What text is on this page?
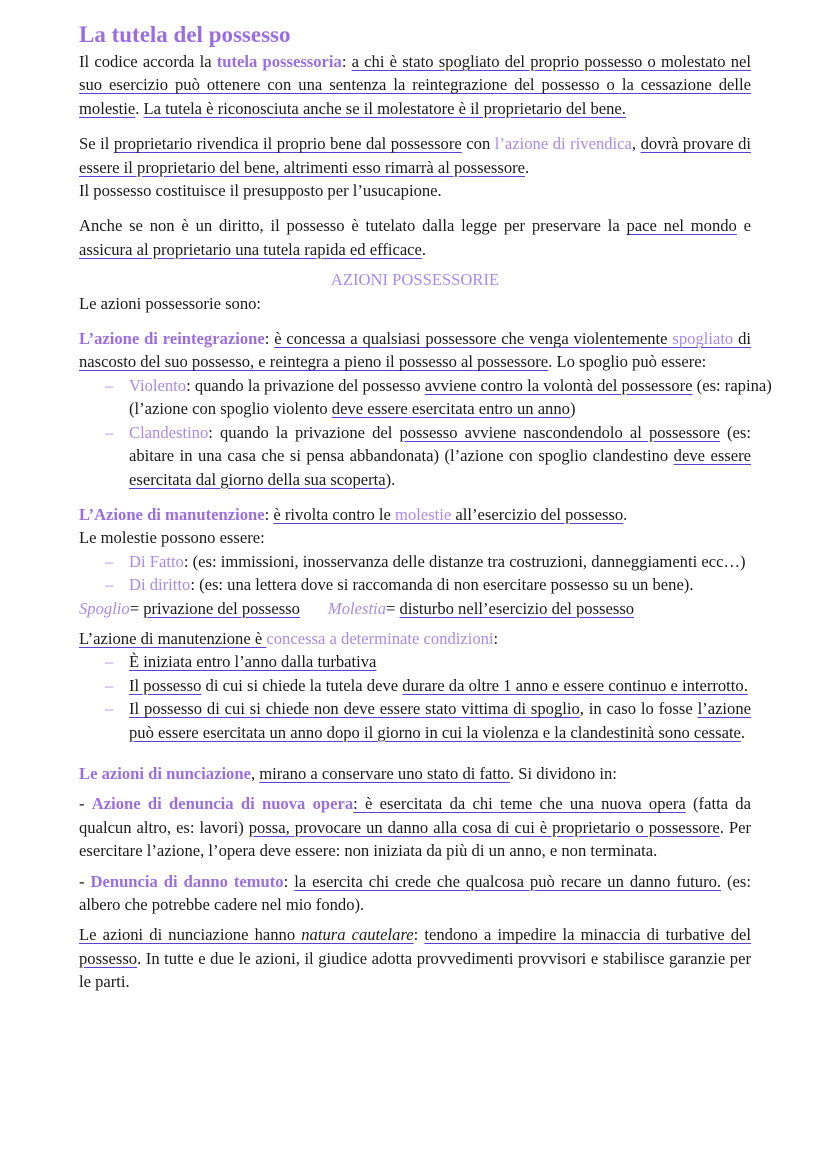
La tutela del possesso

Il codice accorda la tutela possessoria: a chi è stato spogliato del proprio possesso o molestato nel suo esercizio può ottenere con una sentenza la reintegrazione del possesso o la cessazione delle molestie. La tutela è riconosciuta anche se il molestatore è il proprietario del bene.

Se il proprietario rivendica il proprio bene dal possessore con l’azione di rivendica, dovrà provare di essere il proprietario del bene, altrimenti esso rimarrà al possessore.
Il possesso costituisce il presupposto per l’usucapione.

Anche se non è un diritto, il possesso è tutelato dalla legge per preservare la pace nel mondo e assicura al proprietario una tutela rapida ed efficace.

AZIONI POSSESSORIE

Le azioni possessorie sono:

L’azione di reintegrazione: è concessa a qualsiasi possessore che venga violentemente spogliato di nascosto del suo possesso, e reintegra a pieno il possesso al possessore. Lo spoglio può essere:

– Violento: quando la privazione del possesso avviene contro la volontà del possessore (es: rapina) (l’azione con spoglio violento deve essere esercitata entro un anno)
– Clandestino: quando la privazione del possesso avviene nascondendolo al possessore (es: abitare in una casa che si pensa abbandonata) (l’azione con spoglio clandestino deve essere esercitata dal giorno della sua scoperta).

L’Azione di manutenzione: è rivolta contro le molestie all’esercizio del possesso.
Le molestie possono essere:

– Di Fatto: (es: immissioni, inosservanza delle distanze tra costruzioni, danneggiamenti ecc…)
– Di diritto: (es: una lettera dove si raccomanda di non esercitare possesso su un bene).
Spoglio= privazione del possesso Molestia= disturbo nell’esercizio del possesso

L’azione di manutenzione è concessa a determinate condizioni:

– È iniziata entro l’anno dalla turbativa
– Il possesso di cui si chiede la tutela deve durare da oltre 1 anno e essere continuo e interrotto.
– Il possesso di cui si chiede non deve essere stato vittima di spoglio, in caso lo fosse l’azione può essere esercitata un anno dopo il giorno in cui la violenza e la clandestinità sono cessate.

Le azioni di nunciazione, mirano a conservare uno stato di fatto. Si dividono in:

- Azione di denuncia di nuova opera: è esercitata da chi teme che una nuova opera (fatta da qualcun altro, es: lavori) possa, provocare un danno alla cosa di cui è proprietario o possessore. Per esercitare l’azione, l’opera deve essere: non iniziata da più di un anno, e non terminata.

- Denuncia di danno temuto: la esercita chi crede che qualcosa può recare un danno futuro. (es: albero che potrebbe cadere nel mio fondo).

Le azioni di nunciazione hanno natura cautelare: tendono a impedire la minaccia di turbative del possesso. In tutte e due le azioni, il giudice adotta provvedimenti provvisori e stabilisce garanzie per le parti.
